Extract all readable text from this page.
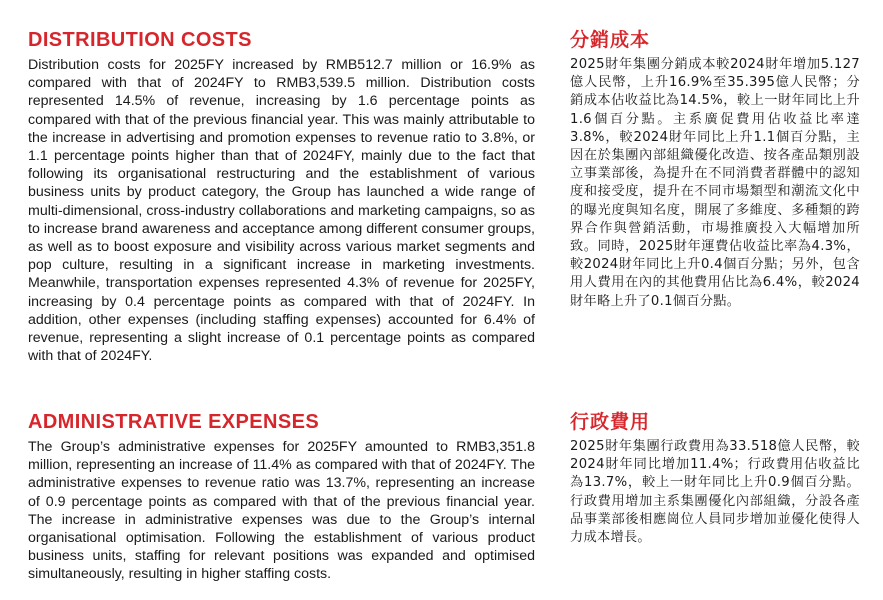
DISTRIBUTION COSTS

Distribution costs for 2025FY increased by RMB512.7 million or 16.9% as compared with that of 2024FY to RMB3,539.5 million. Distribution costs represented 14.5% of revenue, increasing by 1.6 percentage points as compared with that of the previous financial year. This was mainly attributable to the increase in advertising and promotion expenses to revenue ratio to 3.8%, or 1.1 percentage points higher than that of 2024FY, mainly due to the fact that following its organisational restructuring and the establishment of various business units by product category, the Group has launched a wide range of multi-dimensional, cross-industry collaborations and marketing campaigns, so as to increase brand awareness and acceptance among different consumer groups, as well as to boost exposure and visibility across various market segments and pop culture, resulting in a significant increase in marketing investments. Meanwhile, transportation expenses represented 4.3% of revenue for 2025FY, increasing by 0.4 percentage points as compared with that of 2024FY. In addition, other expenses (including staffing expenses) accounted for 6.4% of revenue, representing a slight increase of 0.1 percentage points as compared with that of 2024FY.

分銷成本

2025財年集團分銷成本較2024財年增加5.127億人民幣，上升16.9%至35.395億人民幣；分銷成本佔收益比為14.5%，較上一財年同比上升1.6個百分點。主系廣促費用佔收益比率達3.8%，較2024財年同比上升1.1個百分點，主因在於集團內部組織優化改造、按各產品類別設立事業部後，為提升在不同消費者群體中的認知度和接受度，提升在不同市場類型和潮流文化中的曝光度與知名度，開展了多維度、多種類的跨界合作與營銷活動，市場推廣投入大幅增加所致。同時，2025財年運費佔收益比率為4.3%，較2024財年同比上升0.4個百分點；另外，包含用人費用在內的其他費用佔比為6.4%，較2024財年略上升了0.1個百分點。

ADMINISTRATIVE EXPENSES

The Group’s administrative expenses for 2025FY amounted to RMB3,351.8 million, representing an increase of 11.4% as compared with that of 2024FY. The administrative expenses to revenue ratio was 13.7%, representing an increase of 0.9 percentage points as compared with that of the previous financial year. The increase in administrative expenses was due to the Group’s internal organisational optimisation. Following the establishment of various product business units, staffing for relevant positions was expanded and optimised simultaneously, resulting in higher staffing costs.

行政費用

2025財年集團行政費用為33.518億人民幣，較2024財年同比增加11.4%；行政費用佔收益比為13.7%，較上一財年同比上升0.9個百分點。行政費用增加主系集團優化內部組織，分設各產品事業部後相應崗位人員同步增加並優化使得人力成本增長。
